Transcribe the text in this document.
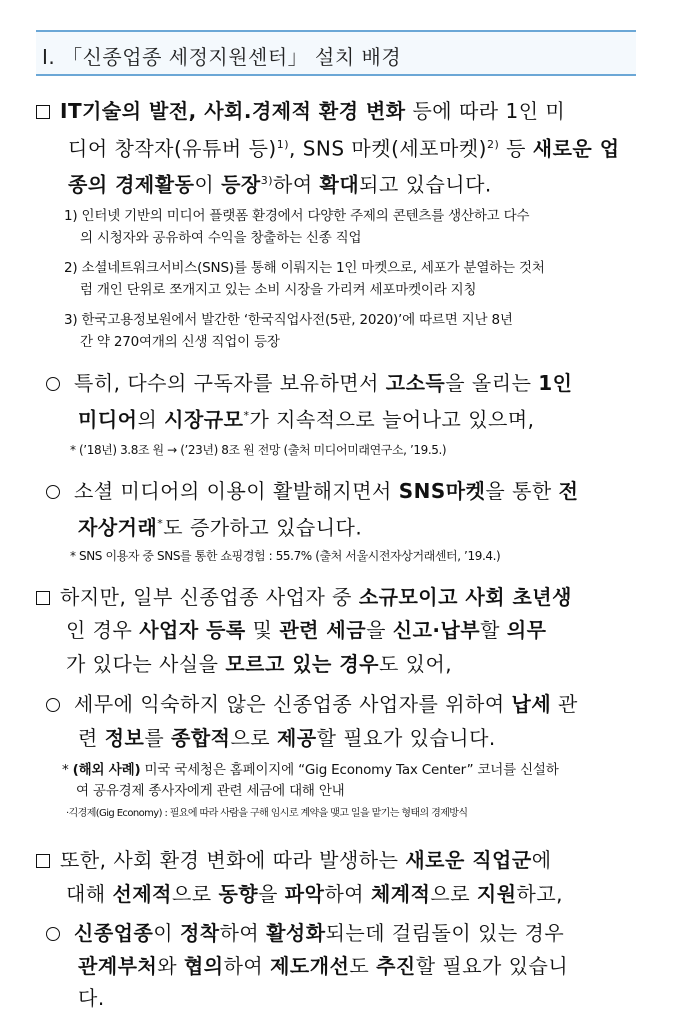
Ⅰ. 「신종업종 세정지원센터」 설치 배경
IT기술의 발전, 사회.경제적 환경 변화 등에 따라 1인 미
디어 창작자(유튜버 등)$^{1)}$, SNS 마켓(세포마켓)$^{2)}$ 등 새로운 업
종의 경제활동이 등장$^{3)}$하여 확대되고 있습니다.
1) 인터넷 기반의 미디어 플랫폼 환경에서 다양한 주제의 콘텐츠를 생산하고 다수
의 시청자와 공유하여 수익을 창출하는 신종 직업
2) 소셜네트워크서비스(SNS)를 통해 이뤄지는 1인 마켓으로, 세포가 분열하는 것처
럼 개인 단위로 쪼개지고 있는 소비 시장을 가리켜 세포마켓이라 지칭
3) 한국고용정보원에서 발간한 ‘한국직업사전(5판, 2020)’에 따르면 지난 8년
간 약 270여개의 신생 직업이 등장
특히, 다수의 구독자를 보유하면서 고소득을 올리는 1인
미디어의 시장규모*가 지속적으로 늘어나고 있으며,
* (’18년) 3.8조 원 → (’23년) 8조 원 전망 (출처 미디어미래연구소, ’19.5.)
소셜 미디어의 이용이 활발해지면서 SNS마켓을 통한 전
자상거래*도 증가하고 있습니다.
* SNS 이용자 중 SNS를 통한 쇼핑경험 : 55.7% (출처 서울시전자상거래센터, ’19.4.)
하지만, 일부 신종업종 사업자 중 소규모이고 사회 초년생
인 경우 사업자 등록 및 관련 세금을 신고·납부할 의무
가 있다는 사실을 모르고 있는 경우도 있어,
세무에 익숙하지 않은 신종업종 사업자를 위하여 납세 관
련 정보를 종합적으로 제공할 필요가 있습니다.
* (해외 사례) 미국 국세청은 홈페이지에 “Gig Economy Tax Center” 코너를 신설하
여 공유경제 종사자에게 관련 세금에 대해 안내
·긱경제(Gig Economy) : 필요에 따라 사람을 구해 임시로 계약을 맺고 일을 맡기는 형태의 경제방식
또한, 사회 환경 변화에 따라 발생하는 새로운 직업군에
대해 선제적으로 동향을 파악하여 체계적으로 지원하고,
신종업종이 정착하여 활성화되는데 걸림돌이 있는 경우
관계부처와 협의하여 제도개선도 추진할 필요가 있습니
다.
